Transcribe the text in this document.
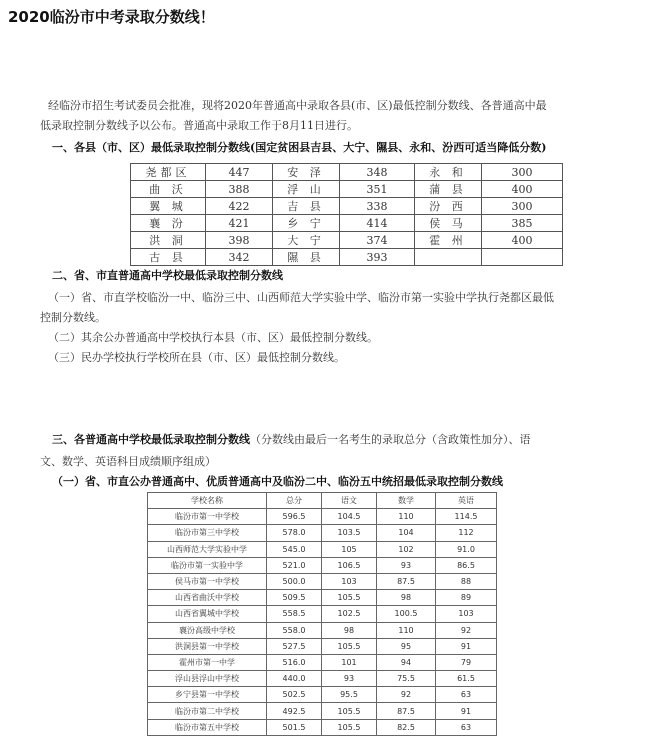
2020临汾市中考录取分数线！
经临汾市招生考试委员会批准，现将2020年普通高中录取各县(市、区)最低控制分数线、各普通高中最
低录取控制分数线予以公布。普通高中录取工作于8月11日进行。
一、各县（市、区）最低录取控制分数线(国定贫困县吉县、大宁、隰县、永和、汾西可适当降低分数)
尧都区	447	安 泽	348	永 和	300
曲 沃	388	浮 山	351	蒲 县	400
翼 城	422	吉 县	338	汾 西	300
襄 汾	421	乡 宁	414	侯 马	385
洪 洞	398	大 宁	374	霍 州	400
古 县	342	隰 县	393		
二、省、市直普通高中学校最低录取控制分数线
（一）省、市直学校临汾一中、临汾三中、山西师范大学实验中学、临汾市第一实验中学执行尧都区最低
控制分数线。
（二）其余公办普通高中学校执行本县（市、区）最低控制分数线。
（三）民办学校执行学校所在县（市、区）最低控制分数线。
三、各普通高中学校最低录取控制分数线（分数线由最后一名考生的录取总分（含政策性加分）、语
文、数学、英语科目成绩顺序组成）
（一）省、市直公办普通高中、优质普通高中及临汾二中、临汾五中统招最低录取控制分数线
学校名称	总分	语文	数学	英语
临汾市第一中学校	596.5	104.5	110	114.5
临汾市第三中学校	578.0	103.5	104	112
山西师范大学实验中学	545.0	105	102	91.0
临汾市第一实验中学	521.0	106.5	93	86.5
侯马市第一中学校	500.0	103	87.5	88
山西省曲沃中学校	509.5	105.5	98	89
山西省翼城中学校	558.5	102.5	100.5	103
襄汾高级中学校	558.0	98	110	92
洪洞县第一中学校	527.5	105.5	95	91
霍州市第一中学	516.0	101	94	79
浮山县浮山中学校	440.0	93	75.5	61.5
乡宁县第一中学校	502.5	95.5	92	63
临汾市第二中学校	492.5	105.5	87.5	91
临汾市第五中学校	501.5	105.5	82.5	63
